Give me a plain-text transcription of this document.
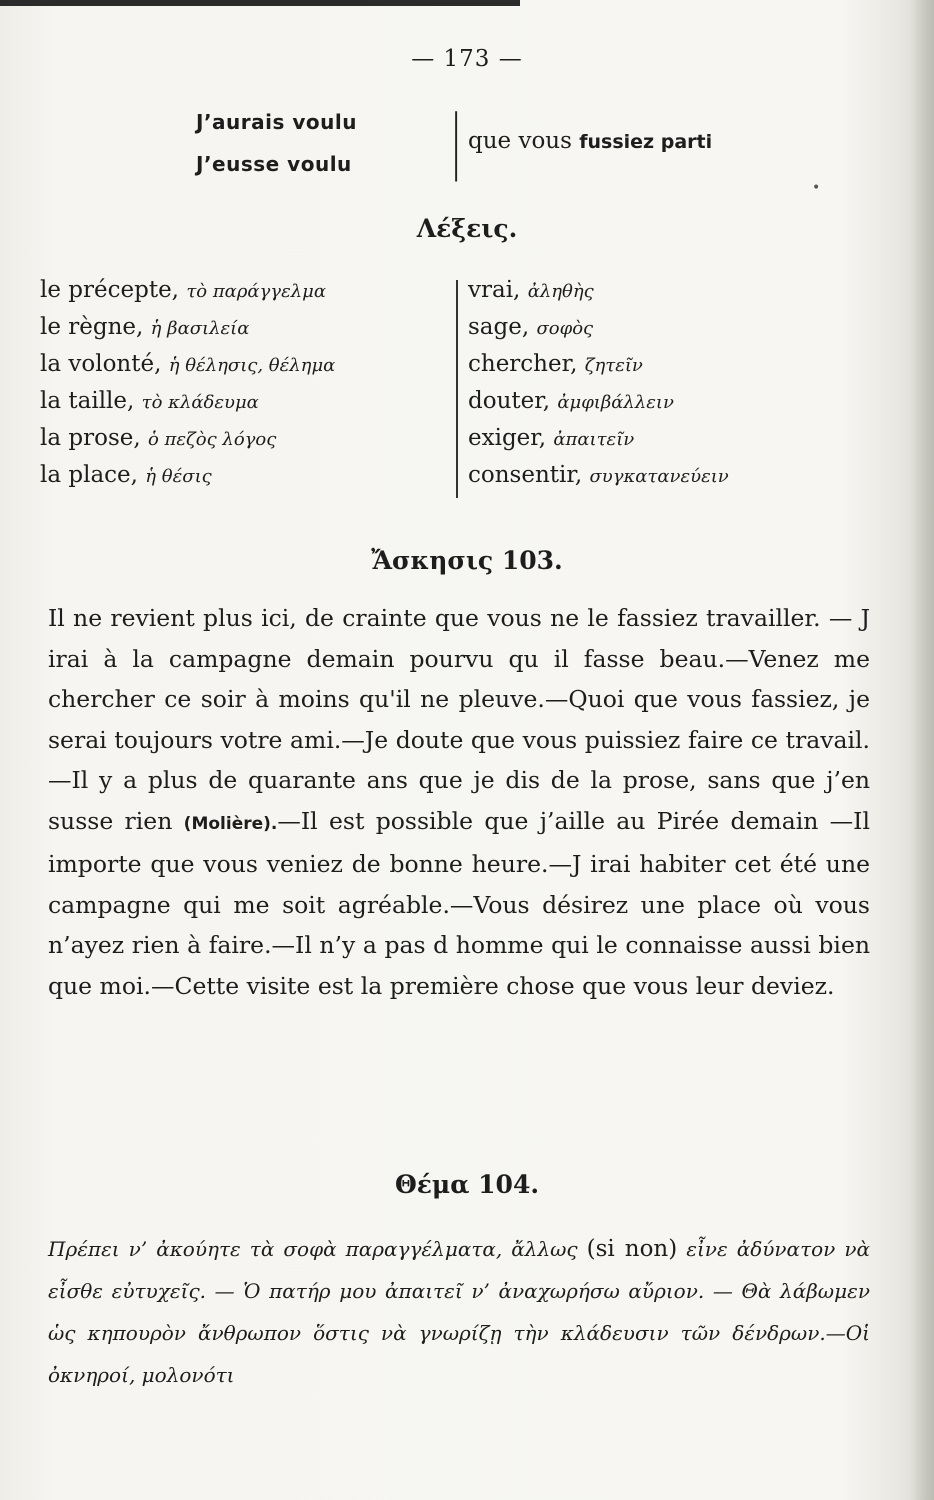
— 173 —
J’aurais voulu
J’eusse voulu | que vous fussiez parti
Λέξεις.
le précepte, τὸ παράγγελμα
le règne, ἡ βασιλεία
la volonté, ἡ θέλησις, θέλημα
la taille, τὸ κλάδευμα
la prose, ὁ πεζὸς λόγος
la place, ἡ θέσις
vrai, ἀληθὴς
sage, σοφὸς
chercher, ζητεῖν
douter, ἀμφιβάλλειν
exiger, ἀπαιτεῖν
consentir, συγκατανεύειν
Ἄσκησις 103.

Il ne revient plus ici, de crainte que vous ne le fassiez travailler. — J irai à la campagne demain pourvu qu il fasse beau.—Venez me chercher ce soir à moins qu'il ne pleuve.—Quoi que vous fassiez, je serai toujours votre ami.—Je doute que vous puissiez faire ce travail.—Il y a plus de quarante ans que je dis de la prose, sans que j’en susse rien (Molière).—Il est possible que j’aille au Pirée demain —Il importe que vous veniez de bonne heure.—J irai habiter cet été une campagne qui me soit agréable.—Vous désirez une place où vous n’ayez rien à faire.—Il n’y a pas d homme qui le connaisse aussi bien que moi.—Cette visite est la première chose que vous leur deviez.

Θέμα 104.

Πρέπει ν’ ἀκούητε τὰ σοφὰ παραγγέλματα, ἄλλως (si non) εἶνε ἀδύνατον νὰ εἶσθε εὐτυχεῖς. — Ὁ πατήρ μου ἀπαιτεῖ ν’ ἀναχωρήσω αὔριον. — Θὰ λάβωμεν ὡς κηπουρὸν ἄνθρωπον ὅστις νὰ γνωρίζῃ τὴν κλάδευσιν τῶν δένδρων.—Οἱ ὀκνηροί, μολονότι

•
